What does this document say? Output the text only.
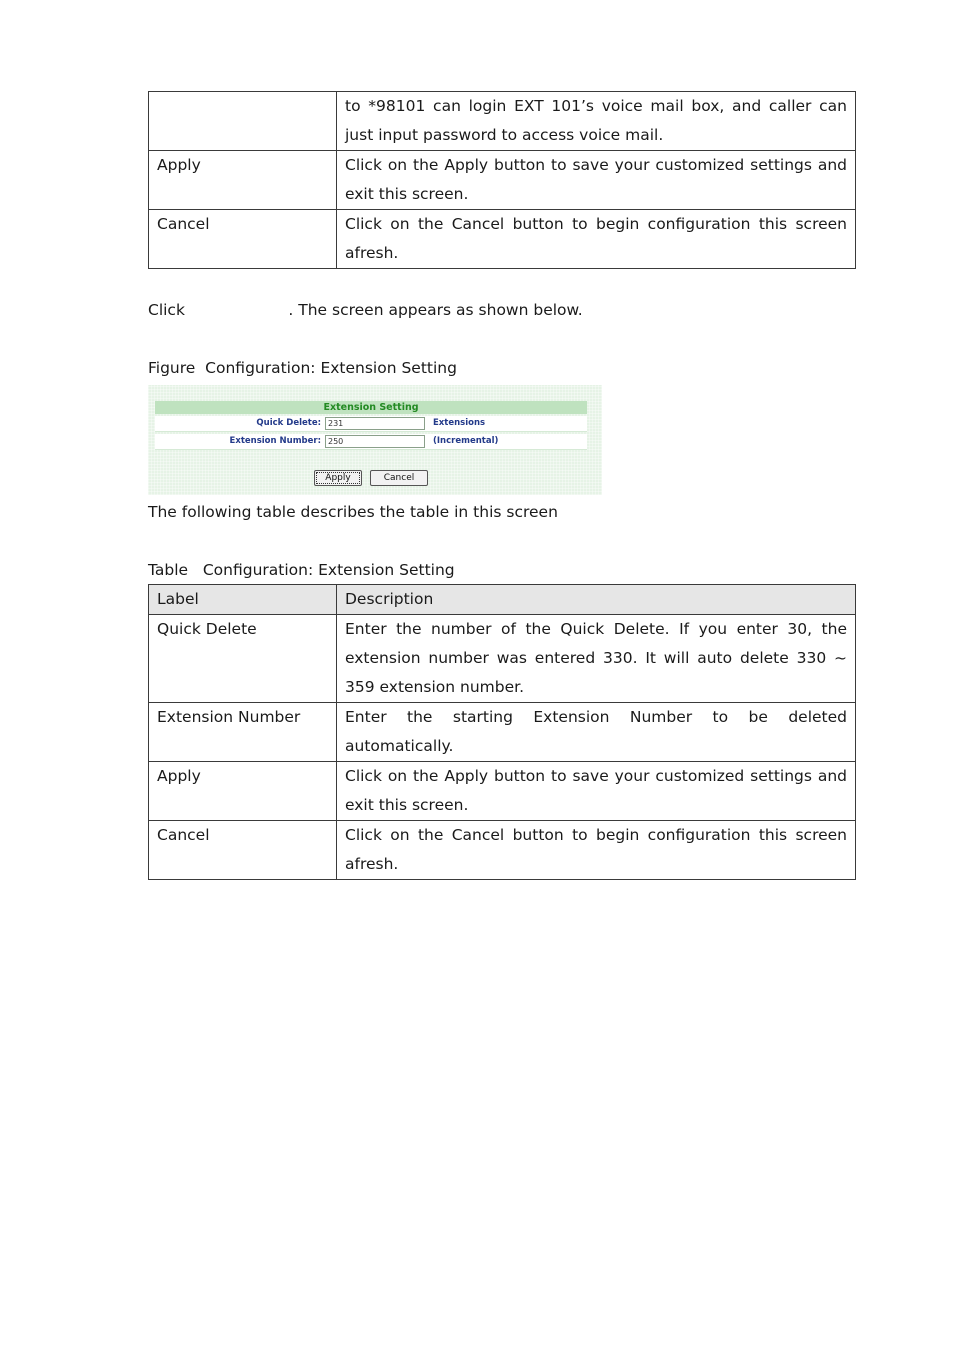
	to *98101 can login EXT 101’s voice mail box, and caller can
just input password to access voice mail.

Apply	Click on the Apply button to save your customized settings and
exit this screen.

Cancel	Click on the Cancel button to begin configuration this screen
afresh.
Click                     . The screen appears as shown below.
Figure  Configuration: Extension Setting
Extension Setting
Quick Delete: 231	Extensions
Extension Number: 250	(Incremental)
Apply	Cancel
The following table describes the table in this screen
Table   Configuration: Extension Setting
Label	Description
Quick Delete	Enter the number of the Quick Delete. If you enter 30, the
extension number was entered 330. It will auto delete 330 ~
359 extension number.

Extension Number	Enter the starting Extension Number to be deleted
automatically.

Apply	Click on the Apply button to save your customized settings and
exit this screen.

Cancel	Click on the Cancel button to begin configuration this screen
afresh.
